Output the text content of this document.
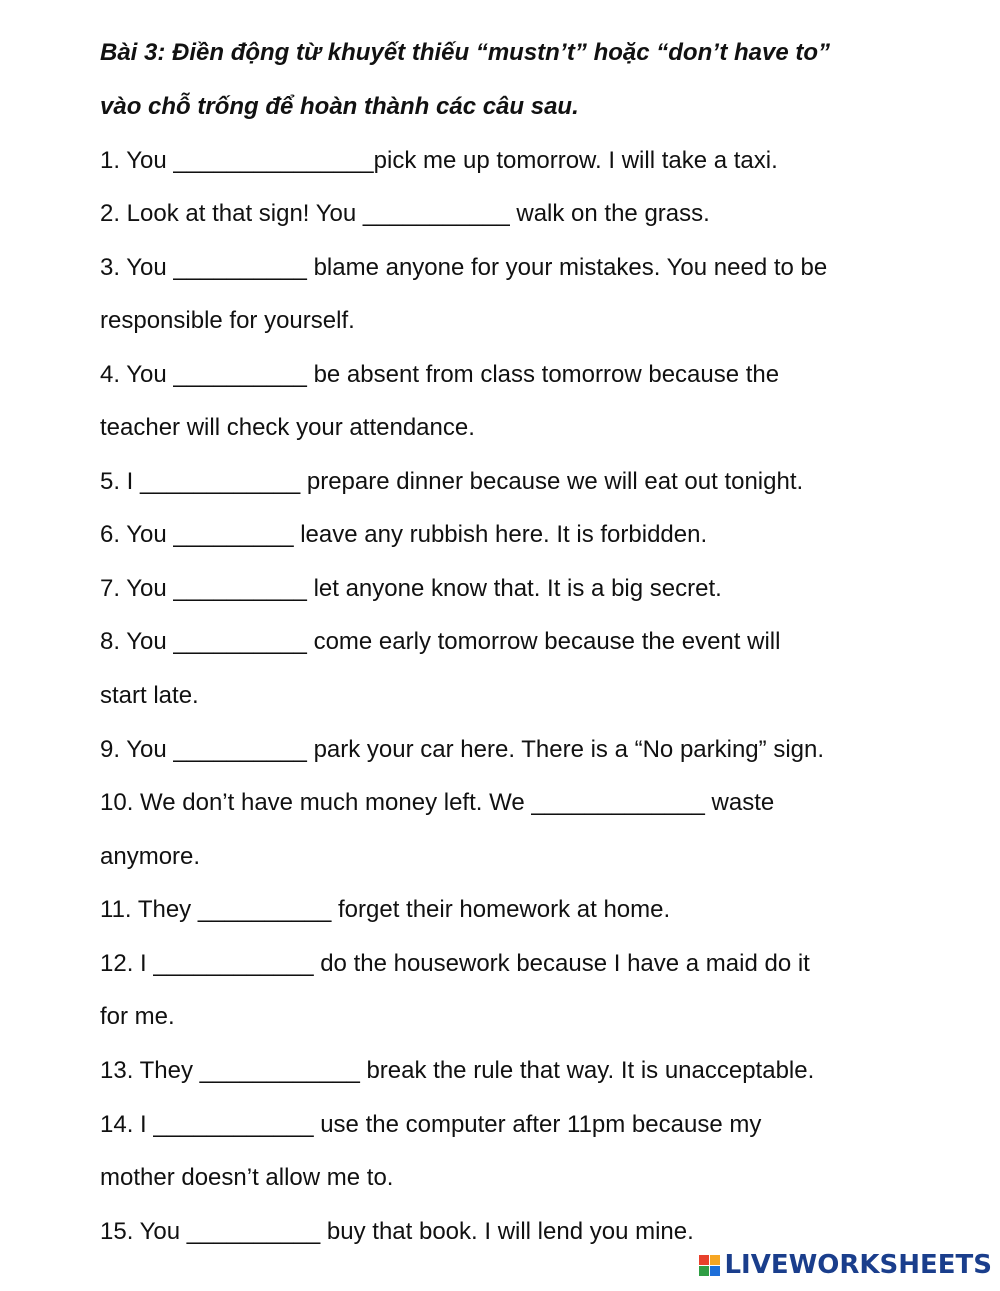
Bài 3: Điền động từ khuyết thiếu “mustn’t” hoặc “don’t have to”
vào chỗ trống để hoàn thành các câu sau.
1. You _______________pick me up tomorrow. I will take a taxi.
2. Look at that sign! You ___________ walk on the grass.
3. You __________ blame anyone for your mistakes. You need to be
responsible for yourself.
4. You __________ be absent from class tomorrow because the
teacher will check your attendance.
5. I ____________ prepare dinner because we will eat out tonight.
6. You _________ leave any rubbish here. It is forbidden.
7. You __________ let anyone know that. It is a big secret.
8. You __________ come early tomorrow because the event will
start late.
9. You __________ park your car here. There is a “No parking” sign.
10. We don’t have much money left. We _____________ waste
anymore.
11. They __________ forget their homework at home.
12. I ____________ do the housework because I have a maid do it
for me.
13. They ____________ break the rule that way. It is unacceptable.
14. I ____________ use the computer after 11pm because my
mother doesn’t allow me to.
15. You __________ buy that book. I will lend you mine.
LIVEWORKSHEETS
